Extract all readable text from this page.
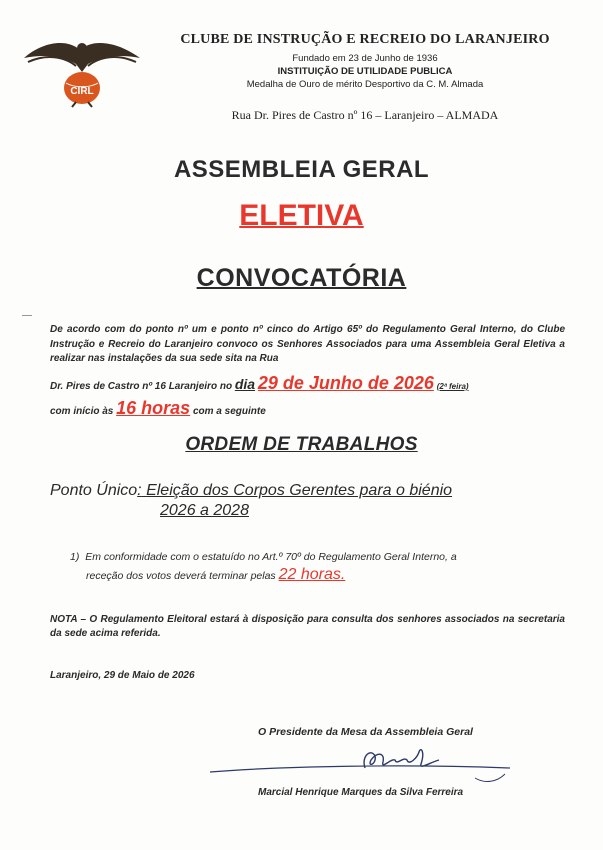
CIRL
CLUBE DE INSTRUÇÃO E RECREIO DO LARANJEIRO
Fundado em 23 de Junho de 1936
INSTITUIÇÃO DE UTILIDADE PUBLICA
Medalha de Ouro de mérito Desportivo da C. M. Almada
Rua Dr. Pires de Castro nº 16 – Laranjeiro – ALMADA
ASSEMBLEIA GERAL
ELETIVA
CONVOCATÓRIA
De acordo com do ponto nº um e ponto nº cinco do Artigo 65º do Regulamento Geral Interno, do Clube Instrução e Recreio do Laranjeiro convoco os Senhores Associados para uma Assembleia Geral Eletiva a realizar nas instalações da sua sede sita na Rua
Dr. Pires de Castro nº 16 Laranjeiro no dia 29 de Junho de 2026 (2ª feira)
com início às 16 horas com a seguinte
ORDEM DE TRABALHOS
Ponto Único: Eleição dos Corpos Gerentes para o biénio
2026 a 2028
1) Em conformidade com o estatuído no Art.º 70º do Regulamento Geral Interno, a
receção dos votos deverá terminar pelas 22 horas.
NOTA – O Regulamento Eleitoral estará à disposição para consulta dos senhores associados na secretaria da sede acima referida.
Laranjeiro, 29 de Maio de 2026
O Presidente da Mesa da Assembleia Geral
Marcial Henrique Marques da Silva Ferreira
